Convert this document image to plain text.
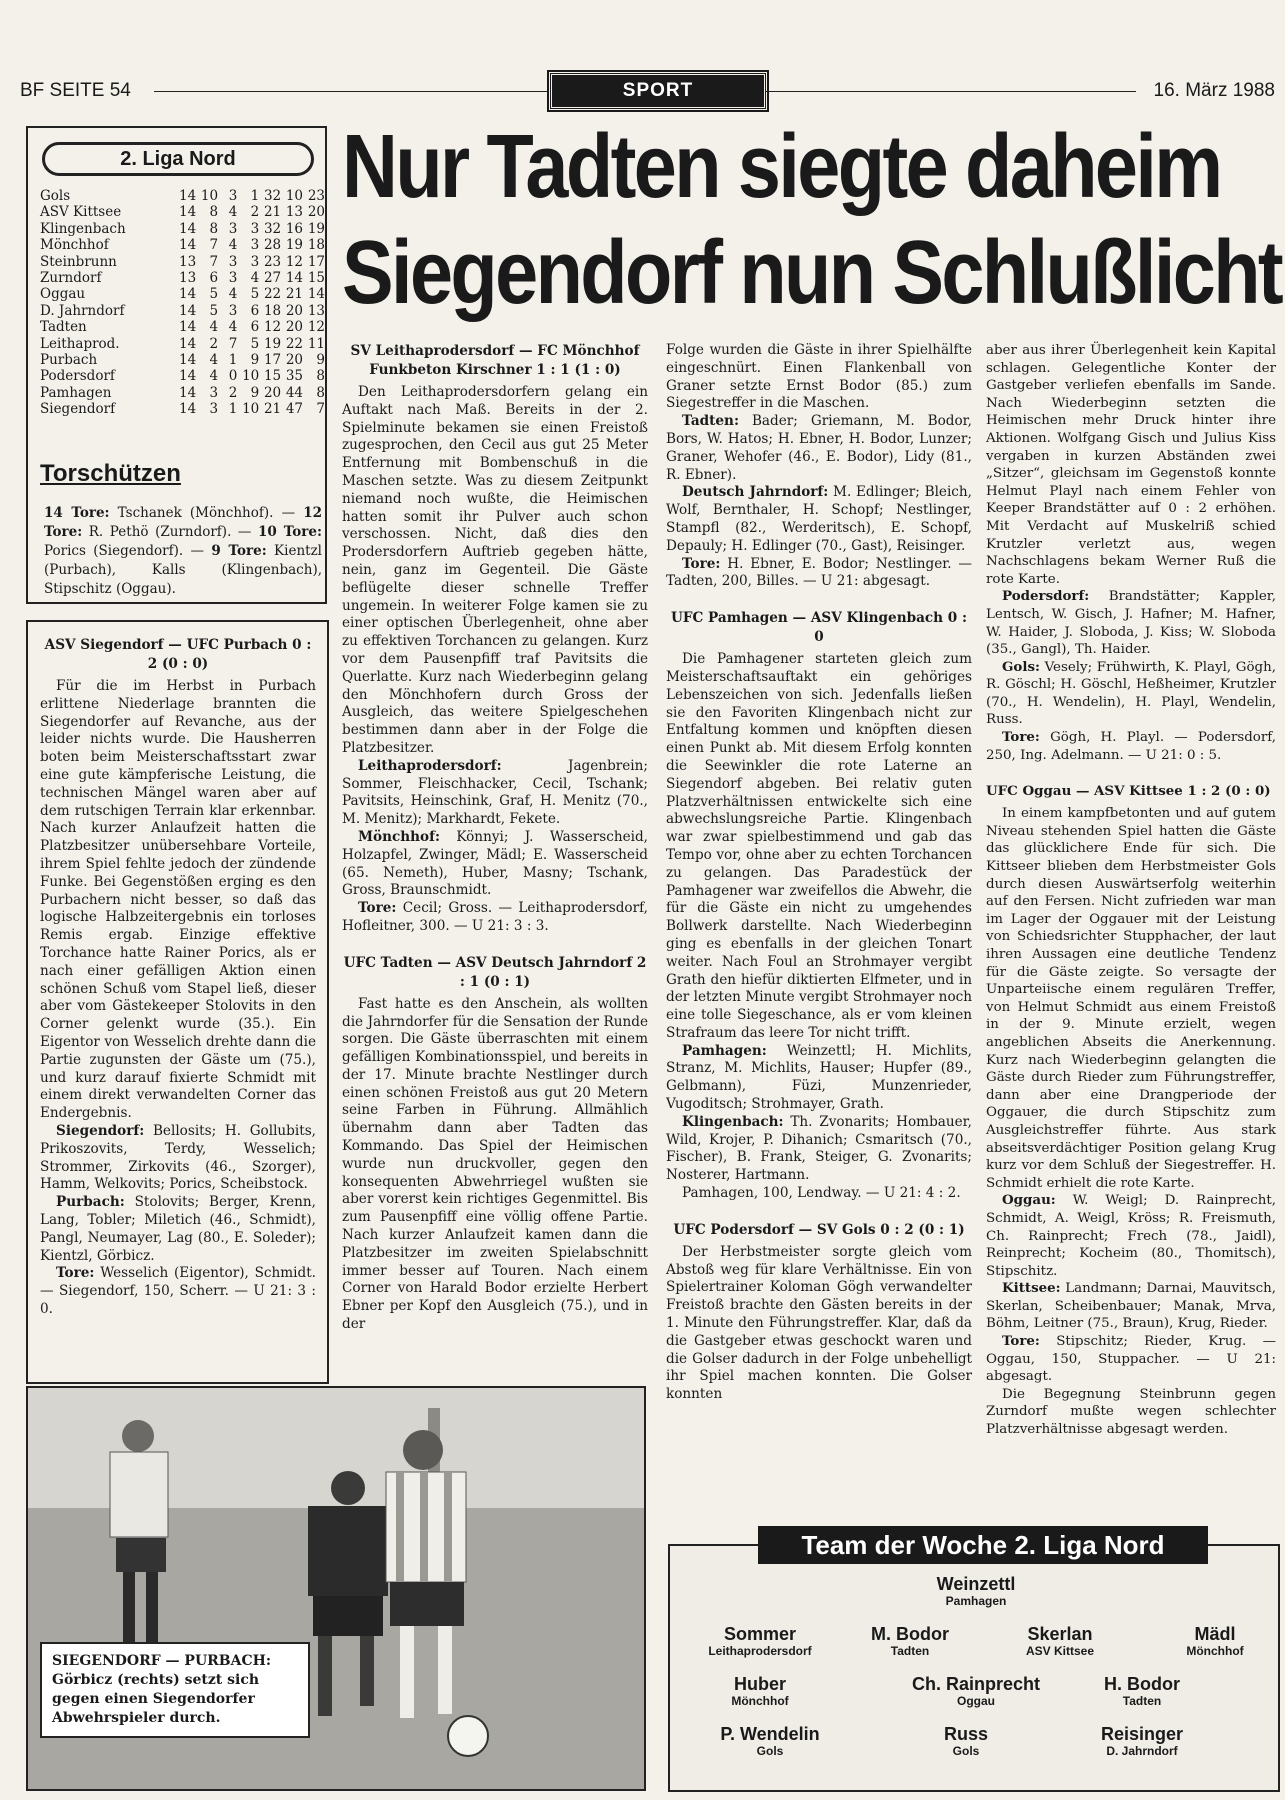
BF SEITE 54	SPORT	16. März 1988
Nur Tadten siegte daheim
Siegendorf nun Schlußlicht
2. Liga Nord
Gols	14	10	3	1	32	10	23
ASV Kittsee	14	8	4	2	21	13	20
Klingenbach	14	8	3	3	32	16	19
Mönchhof	14	7	4	3	28	19	18
Steinbrunn	13	7	3	3	23	12	17
Zurndorf	13	6	3	4	27	14	15
Oggau	14	5	4	5	22	21	14
D. Jahrndorf	14	5	3	6	18	20	13
Tadten	14	4	4	6	12	20	12
Leithaprod.	14	2	7	5	19	22	11
Purbach	14	4	1	9	17	20	9
Podersdorf	14	4	0	10	15	35	8
Pamhagen	14	3	2	9	20	44	8
Siegendorf	14	3	1	10	21	47	7
Torschützen
14 Tore: Tschanek (Mönchhof). — 12 Tore: R. Pethö (Zurndorf). — 10 Tore: Porics (Siegendorf). — 9 Tore: Kientzl (Purbach), Kalls (Klingenbach), Stipschitz (Oggau).
ASV Siegendorf — UFC Purbach 0 : 2 (0 : 0)

Für die im Herbst in Purbach erlittene Niederlage brannten die Siegendorfer auf Revanche, aus der leider nichts wurde. Die Hausherren boten beim Meisterschaftsstart zwar eine gute kämpferische Leistung, die technischen Mängel waren aber auf dem rutschigen Terrain klar erkennbar. Nach kurzer Anlaufzeit hatten die Platzbesitzer unübersehbare Vorteile, ihrem Spiel fehlte jedoch der zündende Funke. Bei Gegenstößen erging es den Purbachern nicht besser, so daß das logische Halbzeitergebnis ein torloses Remis ergab. Einzige effektive Torchance hatte Rainer Porics, als er nach einer gefälligen Aktion einen schönen Schuß vom Stapel ließ, dieser aber vom Gästekeeper Stolovits in den Corner gelenkt wurde (35.). Ein Eigentor von Wesselich drehte dann die Partie zugunsten der Gäste um (75.), und kurz darauf fixierte Schmidt mit einem direkt verwandelten Corner das Endergebnis.

Siegendorf: Bellosits; H. Gollubits, Prikoszovits, Terdy, Wesselich; Strommer, Zirkovits (46., Szorger), Hamm, Welkovits; Porics, Scheibstock.

Purbach: Stolovits; Berger, Krenn, Lang, Tobler; Miletich (46., Schmidt), Pangl, Neumayer, Lag (80., E. Soleder); Kientzl, Görbicz.

Tore: Wesselich (Eigentor), Schmidt. — Siegendorf, 150, Scherr. — U 21: 3 : 0.

SV Leithaprodersdorf — FC Mönchhof Funkbeton Kirschner 1 : 1 (1 : 0)

Den Leithaprodersdorfern gelang ein Auftakt nach Maß. Bereits in der 2. Spielminute bekamen sie einen Freistoß zugesprochen, den Cecil aus gut 25 Meter Entfernung mit Bombenschuß in die Maschen setzte. Was zu diesem Zeitpunkt niemand noch wußte, die Heimischen hatten somit ihr Pulver auch schon verschossen. Nicht, daß dies den Prodersdorfern Auftrieb gegeben hätte, nein, ganz im Gegenteil. Die Gäste beflügelte dieser schnelle Treffer ungemein. In weiterer Folge kamen sie zu einer optischen Überlegenheit, ohne aber zu effektiven Torchancen zu gelangen. Kurz vor dem Pausenpfiff traf Pavitsits die Querlatte. Kurz nach Wiederbeginn gelang den Mönchhofern durch Gross der Ausgleich, das weitere Spielgeschehen bestimmen dann aber in der Folge die Platzbesitzer.

Leithaprodersdorf: Jagenbrein; Sommer, Fleischhacker, Cecil, Tschank; Pavitsits, Heinschink, Graf, H. Menitz (70., M. Menitz); Markhardt, Fekete.

Mönchhof: Könnyi; J. Wasserscheid, Holzapfel, Zwinger, Mädl; E. Wasserscheid (65. Nemeth), Huber, Masny; Tschank, Gross, Braunschmidt.

Tore: Cecil; Gross. — Leithaprodersdorf, Hofleitner, 300. — U 21: 3 : 3.

UFC Tadten — ASV Deutsch Jahrndorf 2 : 1 (0 : 1)

Fast hatte es den Anschein, als wollten die Jahrndorfer für die Sensation der Runde sorgen. Die Gäste überraschten mit einem gefälligen Kombinationsspiel, und bereits in der 17. Minute brachte Nestlinger durch einen schönen Freistoß aus gut 20 Metern seine Farben in Führung. Allmählich übernahm dann aber Tadten das Kommando. Das Spiel der Heimischen wurde nun druckvoller, gegen den konsequenten Abwehrriegel wußten sie aber vorerst kein richtiges Gegenmittel. Bis zum Pausenpfiff eine völlig offene Partie. Nach kurzer Anlaufzeit kamen dann die Platzbesitzer im zweiten Spielabschnitt immer besser auf Touren. Nach einem Corner von Harald Bodor erzielte Herbert Ebner per Kopf den Ausgleich (75.), und in der

Folge wurden die Gäste in ihrer Spielhälfte eingeschnürt. Einen Flankenball von Graner setzte Ernst Bodor (85.) zum Siegestreffer in die Maschen.

Tadten: Bader; Griemann, M. Bodor, Bors, W. Hatos; H. Ebner, H. Bodor, Lunzer; Graner, Wehofer (46., E. Bodor), Lidy (81., R. Ebner).

Deutsch Jahrndorf: M. Edlinger; Bleich, Wolf, Bernthaler, H. Schopf; Nestlinger, Stampfl (82., Werderitsch), E. Schopf, Depauly; H. Edlinger (70., Gast), Reisinger.

Tore: H. Ebner, E. Bodor; Nestlinger. — Tadten, 200, Billes. — U 21: abgesagt.

UFC Pamhagen — ASV Klingenbach 0 : 0

Die Pamhagener starteten gleich zum Meisterschaftsauftakt ein gehöriges Lebenszeichen von sich. Jedenfalls ließen sie den Favoriten Klingenbach nicht zur Entfaltung kommen und knöpften diesen einen Punkt ab. Mit diesem Erfolg konnten die Seewinkler die rote Laterne an Siegendorf abgeben. Bei relativ guten Platzverhältnissen entwickelte sich eine abwechslungsreiche Partie. Klingenbach war zwar spielbestimmend und gab das Tempo vor, ohne aber zu echten Torchancen zu gelangen. Das Paradestück der Pamhagener war zweifellos die Abwehr, die für die Gäste ein nicht zu umgehendes Bollwerk darstellte. Nach Wiederbeginn ging es ebenfalls in der gleichen Tonart weiter. Nach Foul an Strohmayer vergibt Grath den hiefür diktierten Elfmeter, und in der letzten Minute vergibt Strohmayer noch eine tolle Siegeschance, als er vom kleinen Strafraum das leere Tor nicht trifft.

Pamhagen: Weinzettl; H. Michlits, Stranz, M. Michlits, Hauser; Hupfer (89., Gelbmann), Füzi, Munzenrieder, Vugoditsch; Strohmayer, Grath.

Klingenbach: Th. Zvonarits; Hombauer, Wild, Krojer, P. Dihanich; Csmaritsch (70., Fischer), B. Frank, Steiger, G. Zvonarits; Nosterer, Hartmann.

Pamhagen, 100, Lendway. — U 21: 4 : 2.

UFC Podersdorf — SV Gols 0 : 2 (0 : 1)

Der Herbstmeister sorgte gleich vom Abstoß weg für klare Verhältnisse. Ein von Spielertrainer Koloman Gögh verwandelter Freistoß brachte den Gästen bereits in der 1. Minute den Führungstreffer. Klar, daß da die Gastgeber etwas geschockt waren und die Golser dadurch in der Folge unbehelligt ihr Spiel machen konnten. Die Golser konnten

aber aus ihrer Überlegenheit kein Kapital schlagen. Gelegentliche Konter der Gastgeber verliefen ebenfalls im Sande. Nach Wiederbeginn setzten die Heimischen mehr Druck hinter ihre Aktionen. Wolfgang Gisch und Julius Kiss vergaben in kurzen Abständen zwei „Sitzer“, gleichsam im Gegenstoß konnte Helmut Playl nach einem Fehler von Keeper Brandstätter auf 0 : 2 erhöhen. Mit Verdacht auf Muskelriß schied Krutzler verletzt aus, wegen Nachschlagens bekam Werner Ruß die rote Karte.

Podersdorf: Brandstätter; Kappler, Lentsch, W. Gisch, J. Hafner; M. Hafner, W. Haider, J. Sloboda, J. Kiss; W. Sloboda (35., Gangl), Th. Haider.

Gols: Vesely; Frühwirth, K. Playl, Gögh, R. Göschl; H. Göschl, Heßheimer, Krutzler (70., H. Wendelin), H. Playl, Wendelin, Russ.

Tore: Gögh, H. Playl. — Podersdorf, 250, Ing. Adelmann. — U 21: 0 : 5.

UFC Oggau — ASV Kittsee 1 : 2 (0 : 0)

In einem kampfbetonten und auf gutem Niveau stehenden Spiel hatten die Gäste das glücklichere Ende für sich. Die Kittseer blieben dem Herbstmeister Gols durch diesen Auswärtserfolg weiterhin auf den Fersen. Nicht zufrieden war man im Lager der Oggauer mit der Leistung von Schiedsrichter Stupphacher, der laut ihren Aussagen eine deutliche Tendenz für die Gäste zeigte. So versagte der Unparteiische einem regulären Treffer, von Helmut Schmidt aus einem Freistoß in der 9. Minute erzielt, wegen angeblichen Abseits die Anerkennung. Kurz nach Wiederbeginn gelangten die Gäste durch Rieder zum Führungstreffer, dann aber eine Drangperiode der Oggauer, die durch Stipschitz zum Ausgleichstreffer führte. Aus stark abseitsverdächtiger Position gelang Krug kurz vor dem Schluß der Siegestreffer. H. Schmidt erhielt die rote Karte.

Oggau: W. Weigl; D. Rainprecht, Schmidt, A. Weigl, Kröss; R. Freismuth, Ch. Rainprecht; Frech (78., Jaidl), Reinprecht; Kocheim (80., Thomitsch), Stipschitz.

Kittsee: Landmann; Darnai, Mauvitsch, Skerlan, Scheibenbauer; Manak, Mrva, Böhm, Leitner (75., Braun), Krug, Rieder.

Tore: Stipschitz; Rieder, Krug. — Oggau, 150, Stuppacher. — U 21: abgesagt.

Die Begegnung Steinbrunn gegen Zurndorf mußte wegen schlechter Platzverhältnisse abgesagt werden.

SIEGENDORF — PURBACH:
Görbicz (rechts) setzt sich gegen einen Siegendorfer Abwehrspieler durch.
Team der Woche 2. Liga Nord
Weinzettl
Pamhagen
Sommer
Leithaprodersdorf
M. Bodor
Tadten
Skerlan
ASV Kittsee
Mädl
Mönchhof
Huber
Mönchhof
Ch. Rainprecht
Oggau
H. Bodor
Tadten
P. Wendelin
Gols
Russ
Gols
Reisinger
D. Jahrndorf
